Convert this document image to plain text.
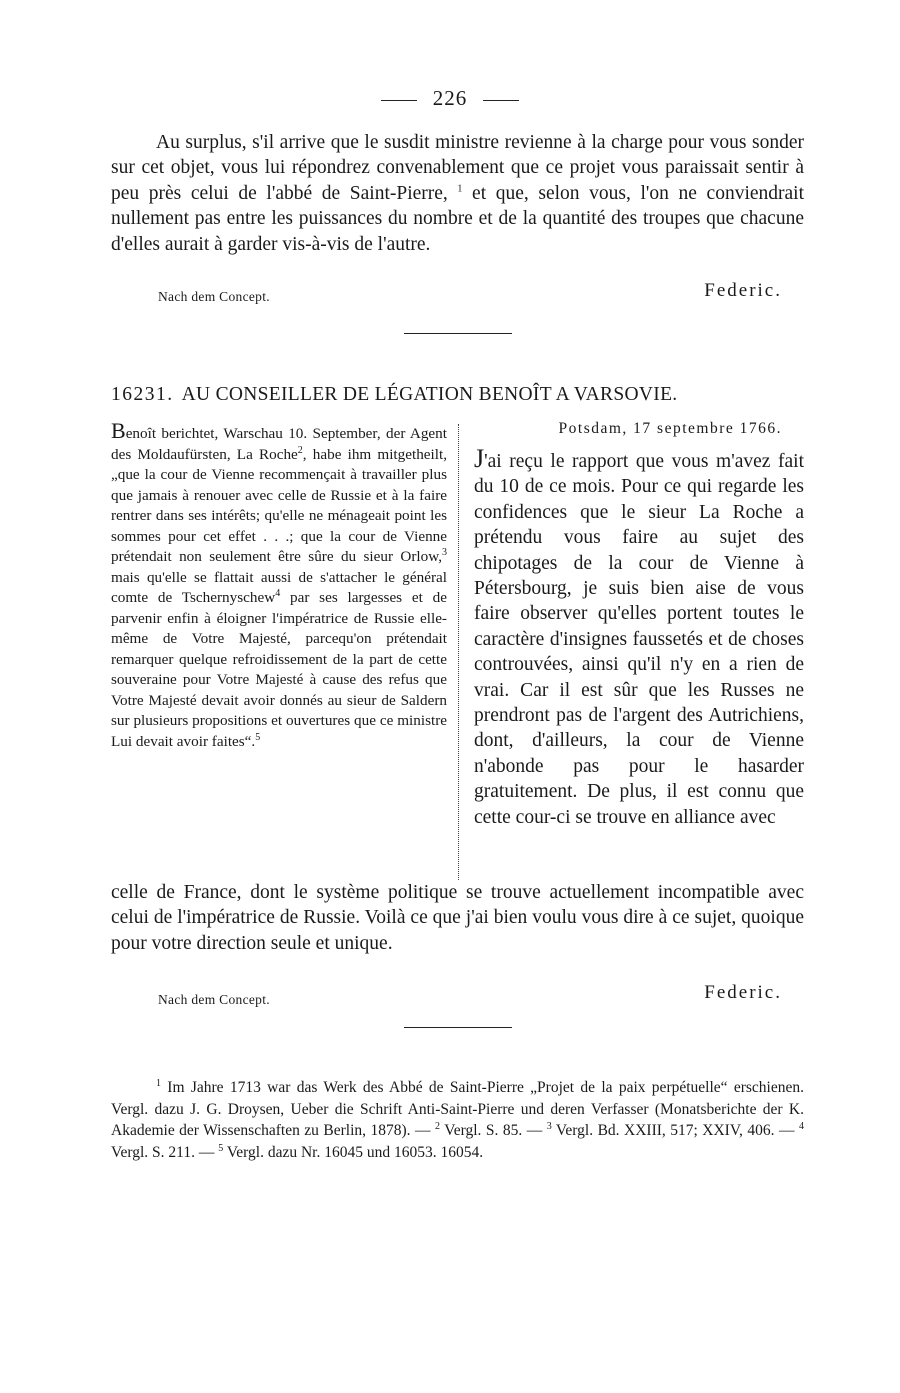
226

Au surplus, s'il arrive que le susdit ministre revienne à la charge pour vous sonder sur cet objet, vous lui répondrez convenablement que ce projet vous paraissait sentir à peu près celui de l'abbé de Saint-Pierre, $^1$ et que, selon vous, l'on ne conviendrait nullement pas entre les puissances du nombre et de la quantité des troupes que chacune d'elles aurait à garder vis-à-vis de l'autre.

Nach dem Concept.	Federic.
16231. AU CONSEILLER DE LÉGATION BENOÎT A VARSOVIE.

Benoît berichtet, Warschau 10. September, der Agent des Moldaufürsten, La Roche$^2$, habe ihm mitgetheilt, „que la cour de Vienne recommençait à travailler plus que jamais à renouer avec celle de Russie et à la faire rentrer dans ses intérêts; qu'elle ne ménageait point les sommes pour cet effet . . .; que la cour de Vienne prétendait non seulement être sûre du sieur Orlow,$^3$ mais qu'elle se flattait aussi de s'attacher le général comte de Tschernyschew$^4$ par ses largesses et de parvenir enfin à éloigner l'impératrice de Russie elle-même de Votre Majesté, parcequ'on prétendait remarquer quelque refroidissement de la part de cette souveraine pour Votre Majesté à cause des refus que Votre Majesté devait avoir donnés au sieur de Saldern sur plusieurs propositions et ouvertures que ce ministre Lui devait avoir faites“.$^5$

Potsdam, 17 septembre 1766.

J'ai reçu le rapport que vous m'avez fait du 10 de ce mois. Pour ce qui regarde les confidences que le sieur La Roche a prétendu vous faire au sujet des chipotages de la cour de Vienne à Pétersbourg, je suis bien aise de vous faire observer qu'elles portent toutes le caractère d'insignes faussetés et de choses controuvées, ainsi qu'il n'y en a rien de vrai. Car il est sûr que les Russes ne prendront pas de l'argent des Autrichiens, dont, d'ailleurs, la cour de Vienne n'abonde pas pour le hasarder gratuitement. De plus, il est connu que cette cour-ci se trouve en alliance avec

celle de France, dont le système politique se trouve actuellement incompatible avec celui de l'impératrice de Russie. Voilà ce que j'ai bien voulu vous dire à ce sujet, quoique pour votre direction seule et unique.

Nach dem Concept.	Federic.

$^1$ Im Jahre 1713 war das Werk des Abbé de Saint-Pierre „Projet de la paix perpétuelle“ erschienen. Vergl. dazu J. G. Droysen, Ueber die Schrift Anti-Saint-Pierre und deren Verfasser (Monatsberichte der K. Akademie der Wissenschaften zu Berlin, 1878). — $^2$ Vergl. S. 85. — $^3$ Vergl. Bd. XXIII, 517; XXIV, 406. — $^4$ Vergl. S. 211. — $^5$ Vergl. dazu Nr. 16045 und 16053. 16054.
